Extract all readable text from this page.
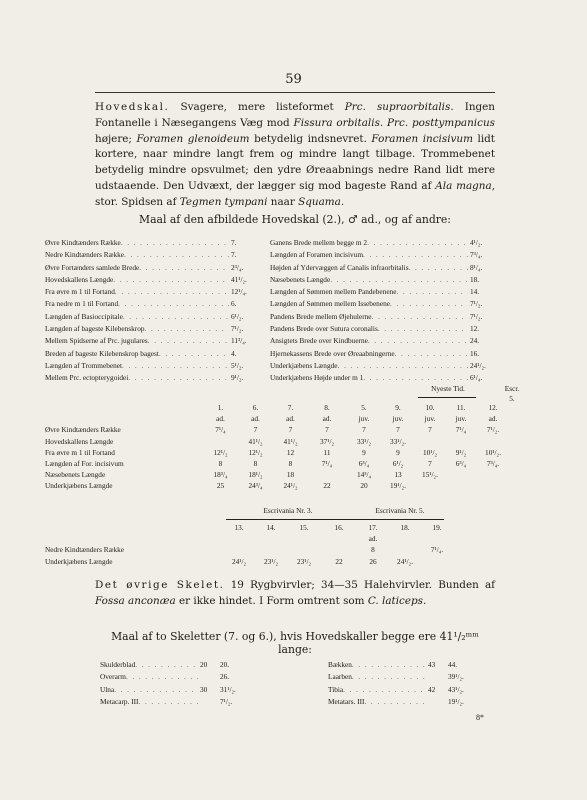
59

Hovedskal. Svagere, mere listeformet Prc. supraorbitalis. Ingen Fontanelle i Næsegangens Væg mod Fissura orbitalis. Prc. posttympanicus højere; Foramen glenoideum betydelig indsnevret. Foramen incisivum lidt kortere, naar mindre langt frem og mindre langt tilbage. Trommebenet betydelig mindre opsvulmet; den ydre Øreaabnings nedre Rand lidt mere udstaaende. Den Udvæxt, der lægger sig mod bageste Rand af Ala magna, stor. Spidsen af Tegmen tympani naar Squama.

Maal af den afbildede Hovedskal (2.), ♂ ad., og af andre:
Øvre Kindtænders Række . . .	7.
Nedre Kindtænders Række . . .	7.
Øvre Fortænders samlede Brede . . .	2³/₄.
Hovedskallens Længde . . .	41¹/₂.
Fra øvre m 1 til Fortand . . .	12¹/₄.
Fra nedre m 1 til Fortand . . .	6.
Længden af Basioccipitale . . .	6¹/₂.
Længden af bageste Kilebenskrop . . .	7¹/₂.
Mellem Spidserne af Prc. jugulares . . .	11³/₄.
Breden af bageste Kilebenskrop bagest . . .	4.
Længden af Trommebenet . . .	5¹/₂.
Mellem Prc. ectopterygoidei . . .	9¹/₂.
Ganens Brede mellem begge m 2 . . .	4¹/₂.
Længden af Foramen incisivum . . .	7³/₄.
Højden af Ydervæggen af Canalis infraorbitalis . . .	8¹/₄.
Næsebenets Længde . . .	18.
Længden af Sømmen mellem Pandebenene . . .	14.
Længden af Sømmen mellem Issebenene . . .	7¹/₂.
Pandens Brede mellem Øjehulerne . . .	7¹/₂.
Pandens Brede over Sutura coronalis . . .	12.
Ansigtets Brede over Kindbuerne . . .	24.
Hjernekassens Brede over Øreaabningerne . . .	16.
Underkjæbens Længde . . .	24¹/₂.
Underkjæbens Højde under m 1 . . .	6¹/₄.
Nyeste Tid.	Escr.
5.
	1.	6.	7.	8.	5.	9.	10.	11.	12.
	ad.	ad.	ad.	ad.	juv.	juv.	juv.	juv.	ad.
Øvre Kindtænders Række	7¹/₄	7	7	7	7	7	7	7¹/₄	7¹/₂.
Hovedskallens Længde		41¹/₂	41¹/₂	37¹/₂	33¹/₂	33¹/₂.			
Fra øvre m 1 til Fortand	12¹/₂	12¹/₂	12	11	9	9	10¹/₂	9¹/₂	10¹/₂.
Længden af For. incisivum	8	8	8	7¹/₄	6³/₄	6¹/₂	7	6³/₄	7³/₄.
Næsebenets Længde	18³/₄	18¹/₂	18		14³/₄	13	15¹/₂.		
Underkjæbens Længde	25	24³/₄	24¹/₂	22	20	19¹/₂.			
Escrivania Nr. 3.	Escrivania Nr. 5.
	13.	14.	15.	16.	17.	18.	19.
					ad.		
Nedre Kindtænders Række					8		7¹/₄.
Underkjæbens Længde	24¹/₂	23¹/₂	23¹/₂	22	26	24¹/₂.	

Det øvrige Skelet. 19 Rygbvirvler; 34—35 Halehvirvler. Bunden af Fossa anconæa er ikke hindet. I Form omtrent som C. laticeps.

Maal af to Skeletter (7. og 6.), hvis Hovedskaller begge ere 41¹/₂ᵐᵐ lange:
Skulderblad . . .	20	20.
Overarm . . .	26.
Ulna . . .	30	31¹/₂.
Metacarp. III . . .	7¹/₂.
Bækken . . .	43	44.
Laarben . . .	39¹/₂.
Tibia . . .	42	43¹/₂.
Metatars. III . . .	19¹/₂.
8*
